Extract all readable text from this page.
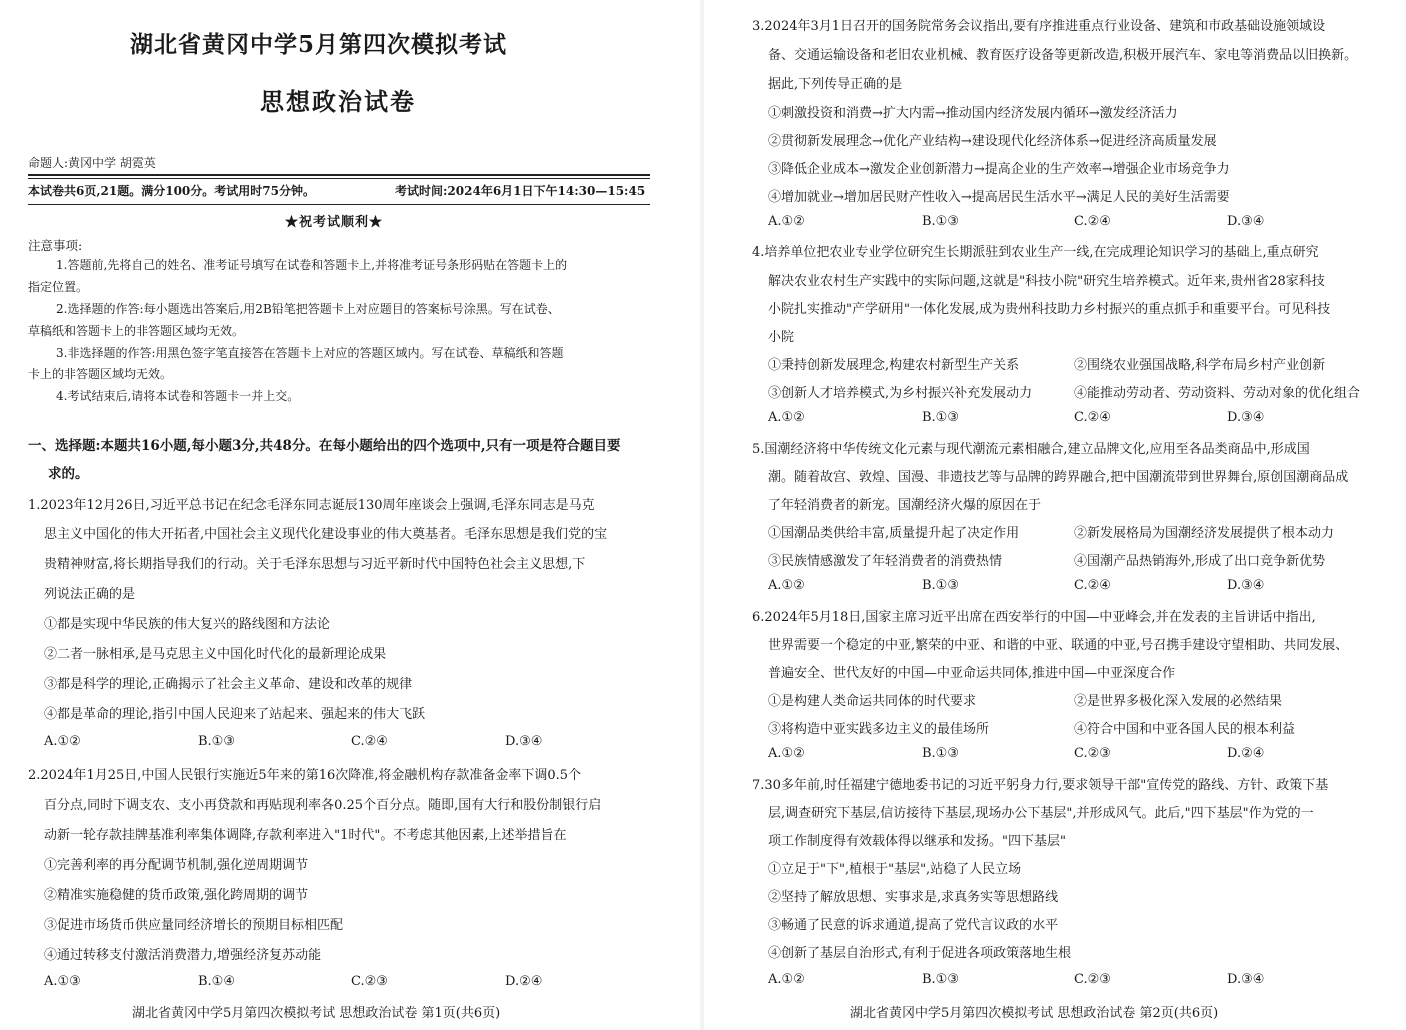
湖北省黄冈中学5月第四次模拟考试
思想政治试卷
命题人:黄冈中学 胡霓英
本试卷共6页,21题。满分100分。考试用时75分钟。	考试时间:2024年6月1日下午14:30—15:45
★祝考试顺利★
注意事项:
1.答题前,先将自己的姓名、准考证号填写在试卷和答题卡上,并将准考证号条形码贴在答题卡上的
指定位置。
2.选择题的作答:每小题选出答案后,用2B铅笔把答题卡上对应题目的答案标号涂黑。写在试卷、
草稿纸和答题卡上的非答题区域均无效。
3.非选择题的作答:用黑色签字笔直接答在答题卡上对应的答题区域内。写在试卷、草稿纸和答题
卡上的非答题区域均无效。
4.考试结束后,请将本试卷和答题卡一并上交。
一、选择题:本题共16小题,每小题3分,共48分。在每小题给出的四个选项中,只有一项是符合题目要
求的。
1.2023年12月26日,习近平总书记在纪念毛泽东同志诞辰130周年座谈会上强调,毛泽东同志是马克
思主义中国化的伟大开拓者,中国社会主义现代化建设事业的伟大奠基者。毛泽东思想是我们党的宝
贵精神财富,将长期指导我们的行动。关于毛泽东思想与习近平新时代中国特色社会主义思想,下
列说法正确的是
①都是实现中华民族的伟大复兴的路线图和方法论
②二者一脉相承,是马克思主义中国化时代化的最新理论成果
③都是科学的理论,正确揭示了社会主义革命、建设和改革的规律
④都是革命的理论,指引中国人民迎来了站起来、强起来的伟大飞跃
A.①②	B.①③	C.②④	D.③④
2.2024年1月25日,中国人民银行实施近5年来的第16次降准,将金融机构存款准备金率下调0.5个
百分点,同时下调支农、支小再贷款和再贴现利率各0.25个百分点。随即,国有大行和股份制银行启
动新一轮存款挂牌基准利率集体调降,存款利率进入"1时代"。不考虑其他因素,上述举措旨在
①完善利率的再分配调节机制,强化逆周期调节
②精准实施稳健的货币政策,强化跨周期的调节
③促进市场货币供应量同经济增长的预期目标相匹配
④通过转移支付激活消费潜力,增强经济复苏动能
A.①③	B.①④	C.②③	D.②④
湖北省黄冈中学5月第四次模拟考试 思想政治试卷 第1页(共6页)
3.2024年3月1日召开的国务院常务会议指出,要有序推进重点行业设备、建筑和市政基础设施领域设
备、交通运输设备和老旧农业机械、教育医疗设备等更新改造,积极开展汽车、家电等消费品以旧换新。
据此,下列传导正确的是
①刺激投资和消费→扩大内需→推动国内经济发展内循环→激发经济活力
②贯彻新发展理念→优化产业结构→建设现代化经济体系→促进经济高质量发展
③降低企业成本→激发企业创新潜力→提高企业的生产效率→增强企业市场竞争力
④增加就业→增加居民财产性收入→提高居民生活水平→满足人民的美好生活需要
A.①②	B.①③	C.②④	D.③④
4.培养单位把农业专业学位研究生长期派驻到农业生产一线,在完成理论知识学习的基础上,重点研究
解决农业农村生产实践中的实际问题,这就是"科技小院"研究生培养模式。近年来,贵州省28家科技
小院扎实推动"产学研用"一体化发展,成为贵州科技助力乡村振兴的重点抓手和重要平台。可见科技
小院
①秉持创新发展理念,构建农村新型生产关系	②围绕农业强国战略,科学布局乡村产业创新
③创新人才培养模式,为乡村振兴补充发展动力	④能推动劳动者、劳动资料、劳动对象的优化组合
A.①②	B.①③	C.②④	D.③④
5.国潮经济将中华传统文化元素与现代潮流元素相融合,建立品牌文化,应用至各品类商品中,形成国
潮。随着故宫、敦煌、国漫、非遗技艺等与品牌的跨界融合,把中国潮流带到世界舞台,原创国潮商品成
了年轻消费者的新宠。国潮经济火爆的原因在于
①国潮品类供给丰富,质量提升起了决定作用	②新发展格局为国潮经济发展提供了根本动力
③民族情感激发了年轻消费者的消费热情	④国潮产品热销海外,形成了出口竞争新优势
A.①②	B.①③	C.②④	D.③④
6.2024年5月18日,国家主席习近平出席在西安举行的中国—中亚峰会,并在发表的主旨讲话中指出,
世界需要一个稳定的中亚,繁荣的中亚、和谐的中亚、联通的中亚,号召携手建设守望相助、共同发展、
普遍安全、世代友好的中国—中亚命运共同体,推进中国—中亚深度合作
①是构建人类命运共同体的时代要求	②是世界多极化深入发展的必然结果
③将构造中亚实践多边主义的最佳场所	④符合中国和中亚各国人民的根本利益
A.①②	B.①③	C.②③	D.②④
7.30多年前,时任福建宁德地委书记的习近平躬身力行,要求领导干部"宣传党的路线、方针、政策下基
层,调查研究下基层,信访接待下基层,现场办公下基层",并形成风气。此后,"四下基层"作为党的一
项工作制度得有效载体得以继承和发扬。"四下基层"
①立足于"下",植根于"基层",站稳了人民立场
②坚持了解放思想、实事求是,求真务实等思想路线
③畅通了民意的诉求通道,提高了党代言议政的水平
④创新了基层自治形式,有利于促进各项政策落地生根
A.①②	B.①③	C.②③	D.③④
湖北省黄冈中学5月第四次模拟考试 思想政治试卷 第2页(共6页)
